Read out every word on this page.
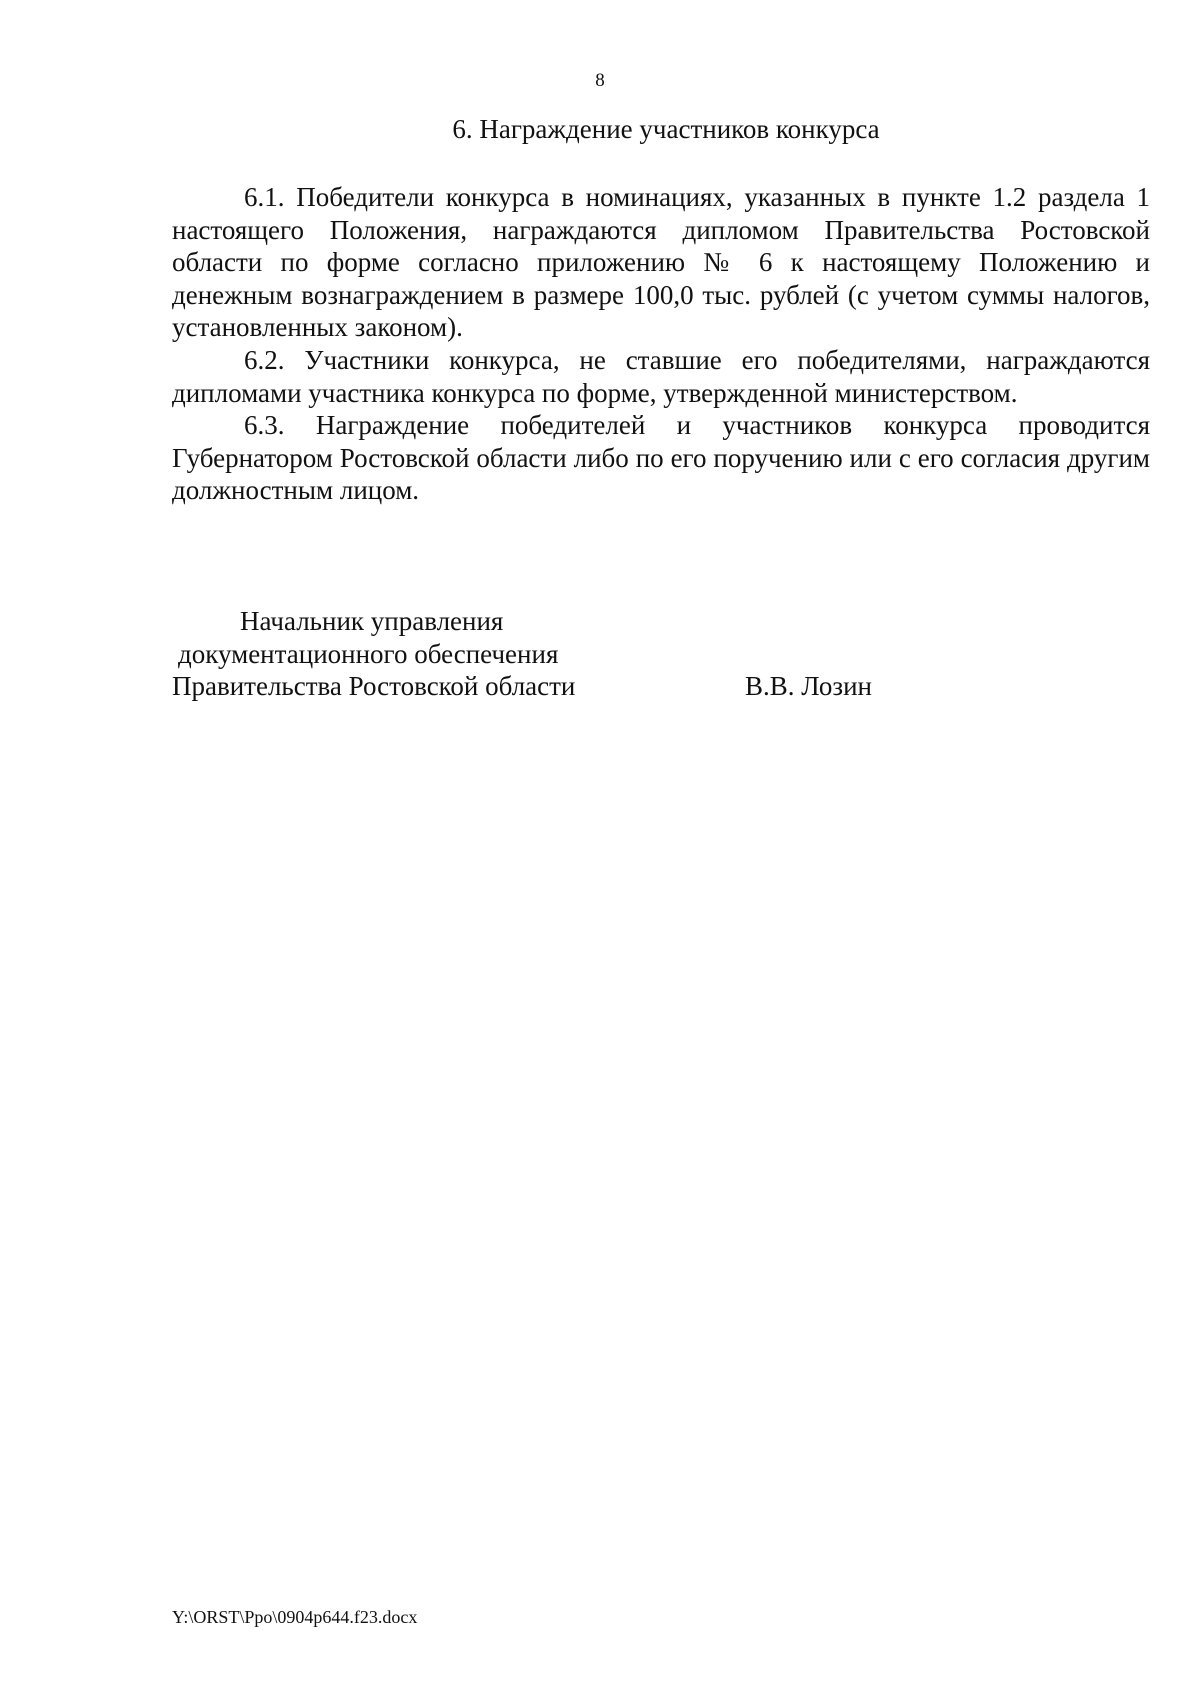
8
6. Награждение участников конкурса

6.1. Победители конкурса в номинациях, указанных в пункте 1.2 раздела 1 настоящего Положения, награждаются дипломом Правительства Ростовской области по форме согласно приложению № 6 к настоящему Положению и денежным вознаграждением в размере 100,0 тыс. рублей (с учетом суммы налогов, установленных законом).

6.2. Участники конкурса, не ставшие его победителями, награждаются дипломами участника конкурса по форме, утвержденной министерством.

6.3. Награждение победителей и участников конкурса проводится Губернатором Ростовской области либо по его поручению или с его согласия другим должностным лицом.

Начальник управления
документационного обеспечения
Правительства Ростовской области	В.В. Лозин
Y:\ORST\Ppo\0904p644.f23.docx
